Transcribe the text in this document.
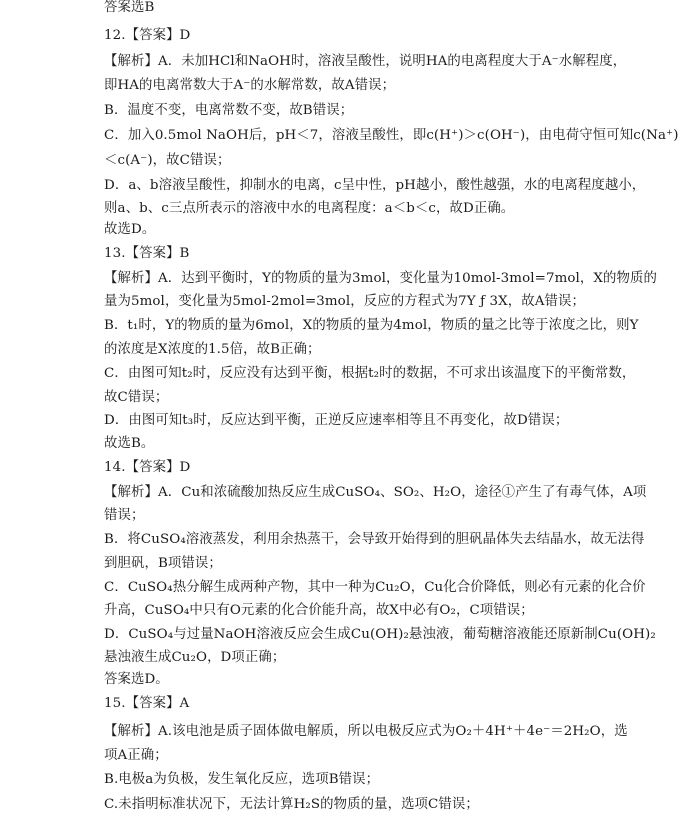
答案选B
12.【答案】D
【解析】A．未加HCl和NaOH时，溶液呈酸性，说明HA的电离程度大于A⁻水解程度，
即HA的电离常数大于A⁻的水解常数，故A错误；
B．温度不变，电离常数不变，故B错误；
C．加入0.5mol NaOH后，pH＜7，溶液呈酸性，即c(H⁺)＞c(OH⁻)，由电荷守恒可知c(Na⁺)
＜c(A⁻)，故C错误；
D．a、b溶液呈酸性，抑制水的电离，c呈中性，pH越小，酸性越强，水的电离程度越小，
则a、b、c三点所表示的溶液中水的电离程度：a＜b＜c，故D正确。
故选D。
13.【答案】B
【解析】A．达到平衡时，Y的物质的量为3mol，变化量为10mol-3mol=7mol，X的物质的
量为5mol，变化量为5mol-2mol=3mol，反应的方程式为7Y ƒ 3X，故A错误；
B．t₁时，Y的物质的量为6mol，X的物质的量为4mol，物质的量之比等于浓度之比，则Y
的浓度是X浓度的1.5倍，故B正确；
C．由图可知t₂时，反应没有达到平衡，根据t₂时的数据，不可求出该温度下的平衡常数，
故C错误；
D．由图可知t₃时，反应达到平衡，正逆反应速率相等且不再变化，故D错误；
故选B。
14.【答案】D
【解析】A．Cu和浓硫酸加热反应生成CuSO₄、SO₂、H₂O，途径①产生了有毒气体，A项
错误；
B．将CuSO₄溶液蒸发，利用余热蒸干，会导致开始得到的胆矾晶体失去结晶水，故无法得
到胆矾，B项错误；
C．CuSO₄热分解生成两种产物，其中一种为Cu₂O，Cu化合价降低，则必有元素的化合价
升高，CuSO₄中只有O元素的化合价能升高，故X中必有O₂，C项错误；
D．CuSO₄与过量NaOH溶液反应会生成Cu(OH)₂悬浊液，葡萄糖溶液能还原新制Cu(OH)₂
悬浊液生成Cu₂O，D项正确；
答案选D。
15.【答案】A
【解析】A.该电池是质子固体做电解质，所以电极反应式为O₂＋4H⁺＋4e⁻＝2H₂O，选
项A正确；
B.电极a为负极，发生氧化反应，选项B错误；
C.未指明标准状况下，无法计算H₂S的物质的量，选项C错误；
